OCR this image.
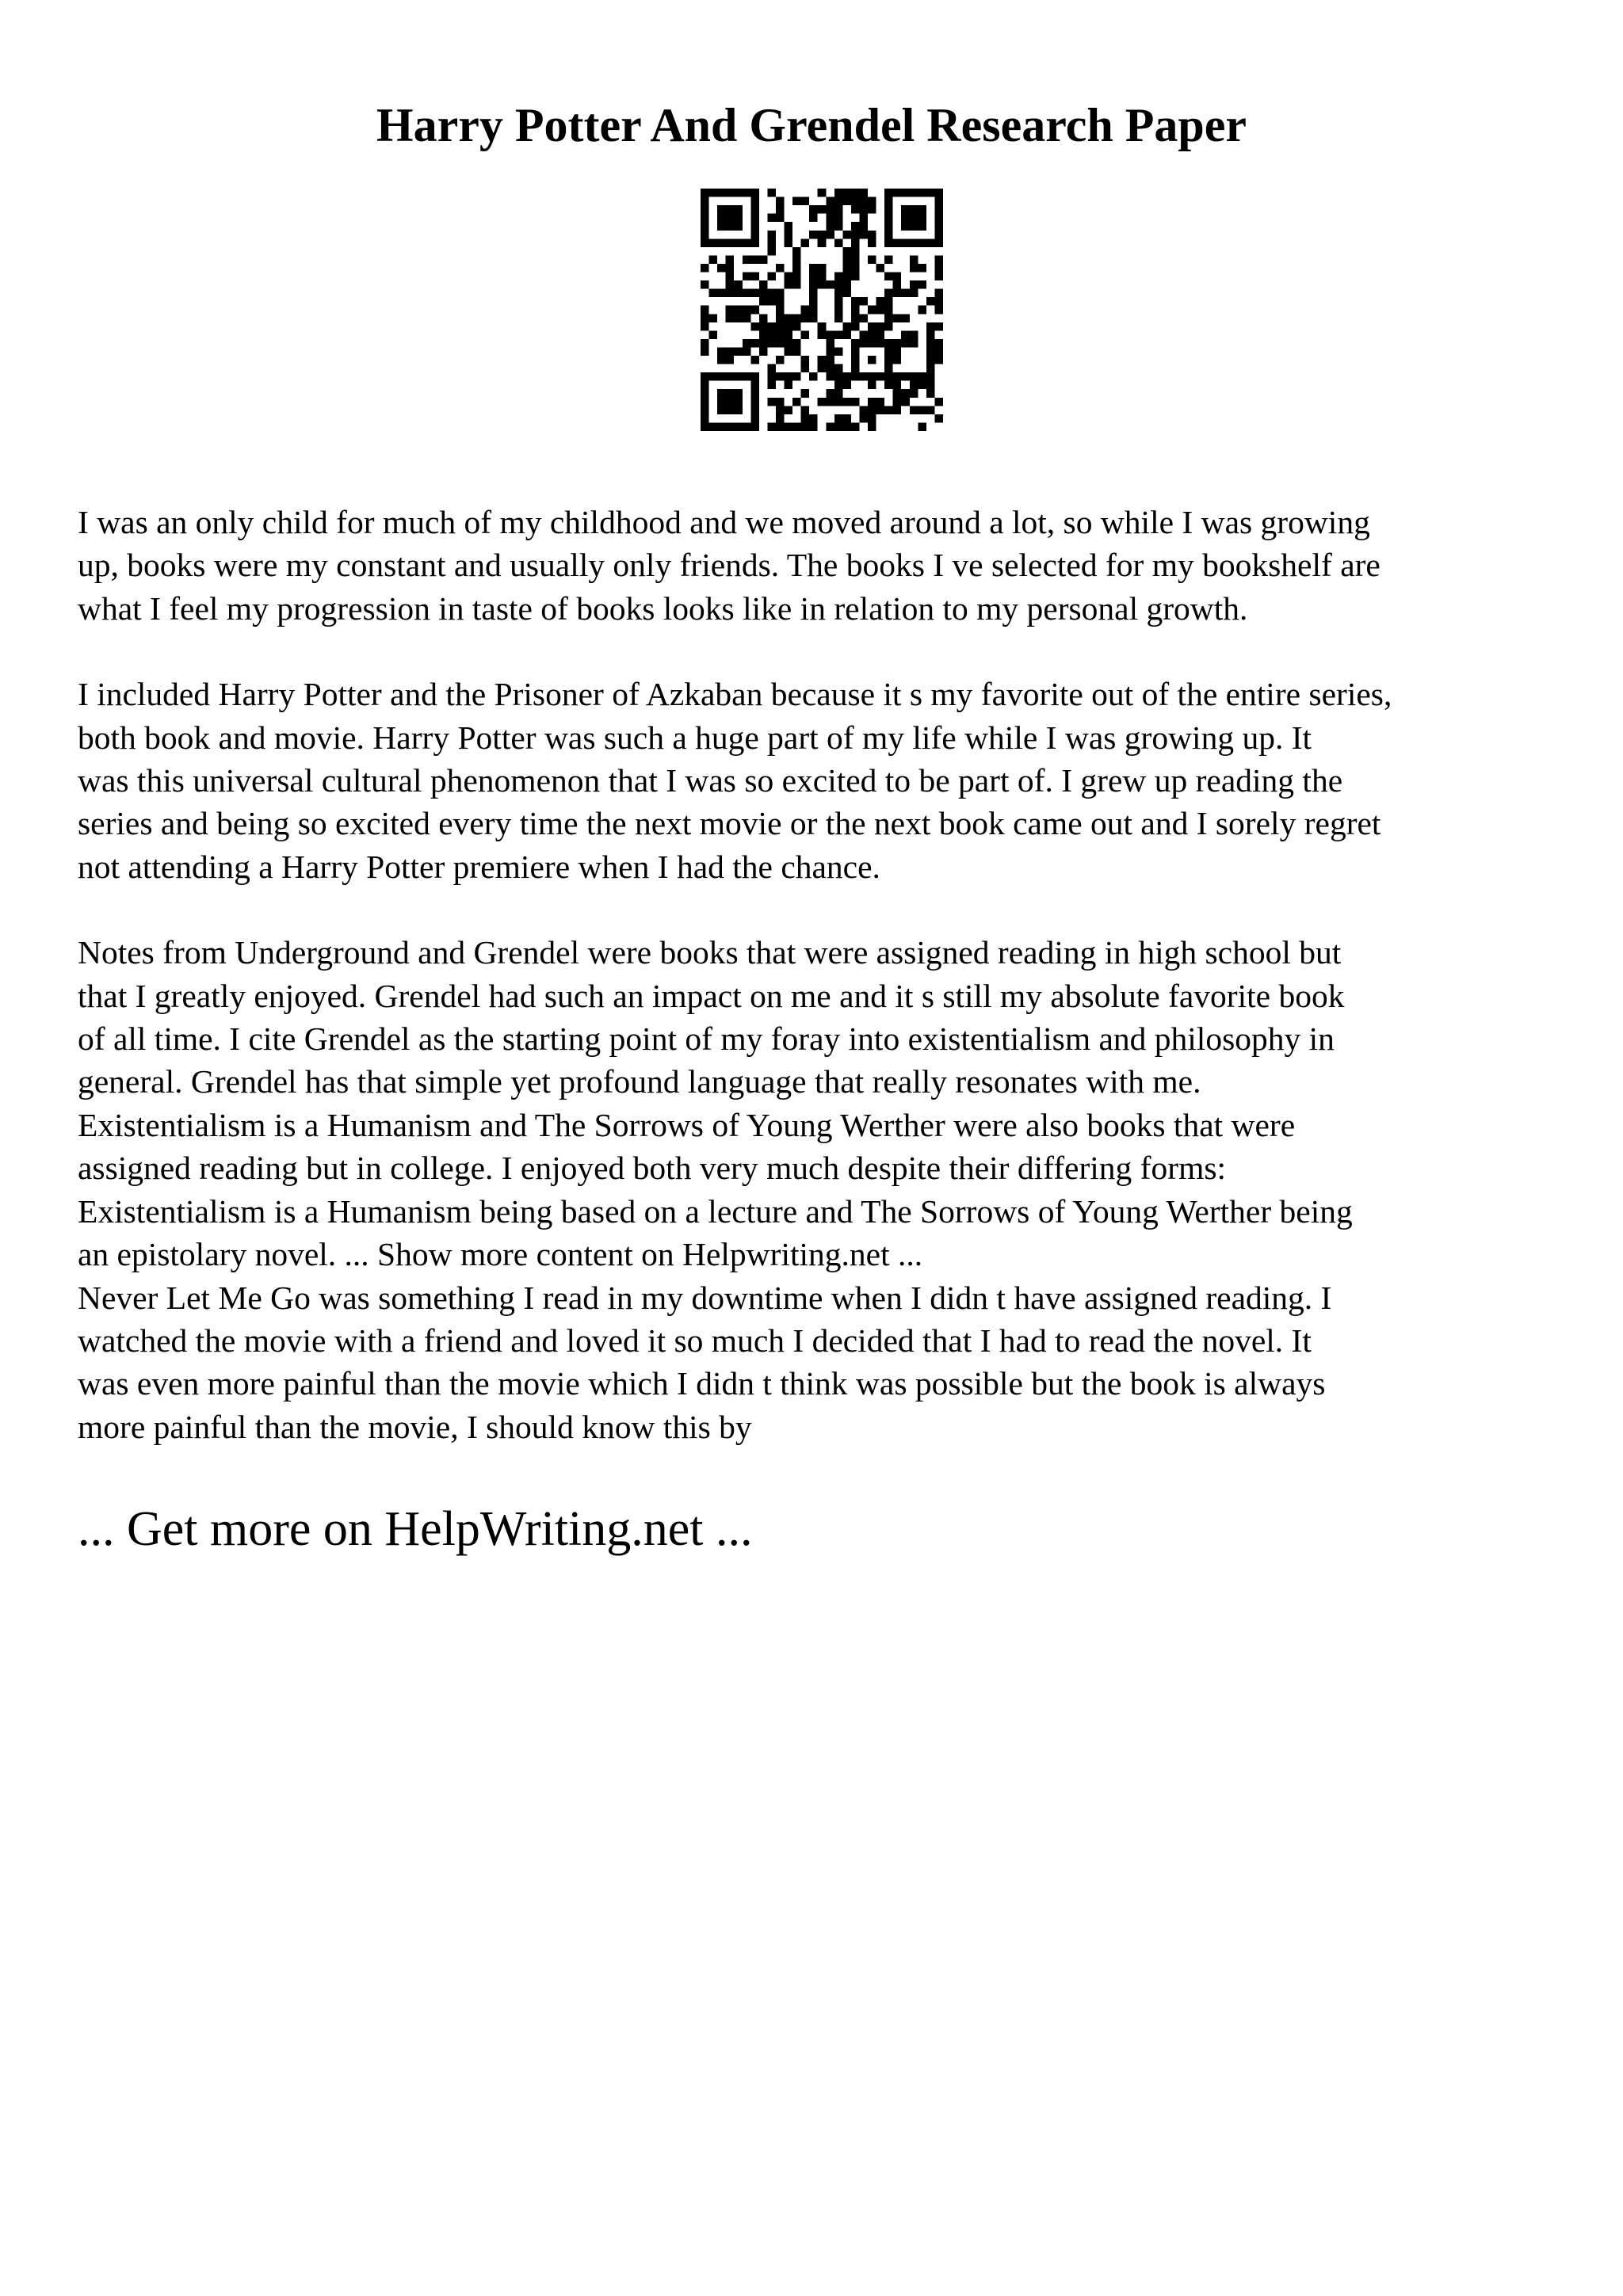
Harry Potter And Grendel Research Paper

I was an only child for much of my childhood and we moved around a lot, so while I was growing
up, books were my constant and usually only friends. The books I ve selected for my bookshelf are
what I feel my progression in taste of books looks like in relation to my personal growth.

I included Harry Potter and the Prisoner of Azkaban because it s my favorite out of the entire series,
both book and movie. Harry Potter was such a huge part of my life while I was growing up. It
was this universal cultural phenomenon that I was so excited to be part of. I grew up reading the
series and being so excited every time the next movie or the next book came out and I sorely regret
not attending a Harry Potter premiere when I had the chance.

Notes from Underground and Grendel were books that were assigned reading in high school but
that I greatly enjoyed. Grendel had such an impact on me and it s still my absolute favorite book
of all time. I cite Grendel as the starting point of my foray into existentialism and philosophy in
general. Grendel has that simple yet profound language that really resonates with me.
Existentialism is a Humanism and The Sorrows of Young Werther were also books that were
assigned reading but in college. I enjoyed both very much despite their differing forms:
Existentialism is a Humanism being based on a lecture and The Sorrows of Young Werther being
an epistolary novel. ... Show more content on Helpwriting.net ...
Never Let Me Go was something I read in my downtime when I didn t have assigned reading. I
watched the movie with a friend and loved it so much I decided that I had to read the novel. It
was even more painful than the movie which I didn t think was possible but the book is always
more painful than the movie, I should know this by

... Get more on HelpWriting.net ...
